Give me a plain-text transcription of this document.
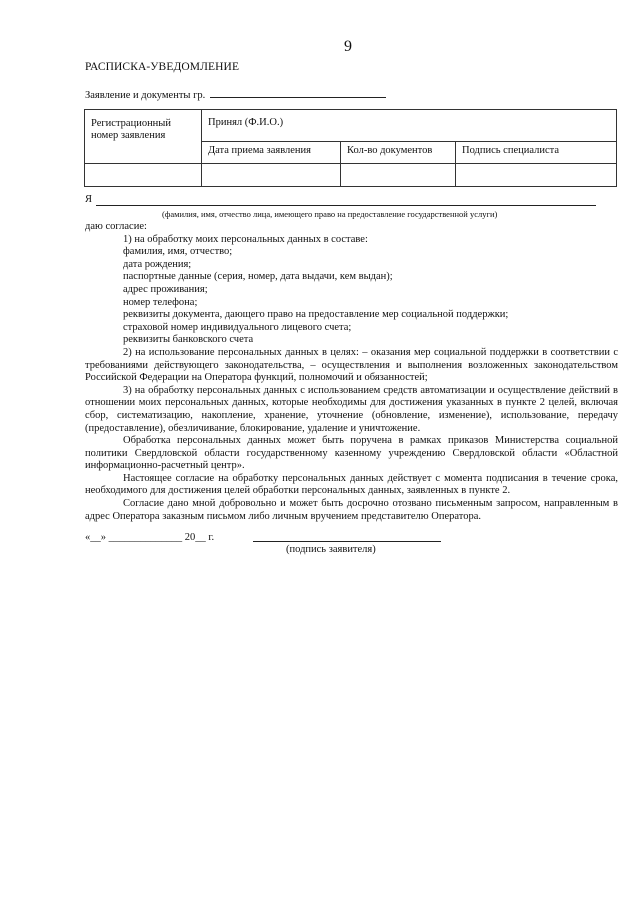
9
РАСПИСКА-УВЕДОМЛЕНИЕ
Заявление и документы гр.
Регистрационный номер заявления	Принял (Ф.И.О.)		
	Дата приема заявления	Кол-во документов	Подпись специалиста

Я
(фамилия, имя, отчество лица, имеющего право на предоставление государственной услуги)

даю согласие:

1) на обработку моих персональных данных в составе:

фамилия, имя, отчество;

дата рождения;

паспортные данные (серия, номер, дата выдачи, кем выдан);

адрес проживания;

номер телефона;

реквизиты документа, дающего право на предоставление мер социальной поддержки;

страховой номер индивидуального лицевого счета;

реквизиты банковского счета

2) на использование персональных данных в целях: – оказания мер социальной поддержки в соответствии с требованиями действующего законодательства, – осуществления и выполнения возложенных законодательством Российской Федерации на Оператора функций, полномочий и обязанностей;

3) на обработку персональных данных с использованием средств автоматизации и осуществление действий в отношении моих персональных данных, которые необходимы для достижения указанных в пункте 2 целей, включая сбор, систематизацию, накопление, хранение, уточнение (обновление, изменение), использование, передачу (предоставление), обезличивание, блокирование, удаление и уничтожение.

Обработка персональных данных может быть поручена в рамках приказов Министерства социальной политики Свердловской области государственному казенному учреждению Свердловской области «Областной информационно-расчетный центр».

Настоящее согласие на обработку персональных данных действует с момента подписания в течение срока, необходимого для достижения целей обработки персональных данных, заявленных в пункте 2.

Согласие дано мной добровольно и может быть досрочно отозвано письменным запросом, направленным в адрес Оператора заказным письмом либо личным вручением представителю Оператора.

«__» ______________ 20__ г.
(подпись заявителя)
